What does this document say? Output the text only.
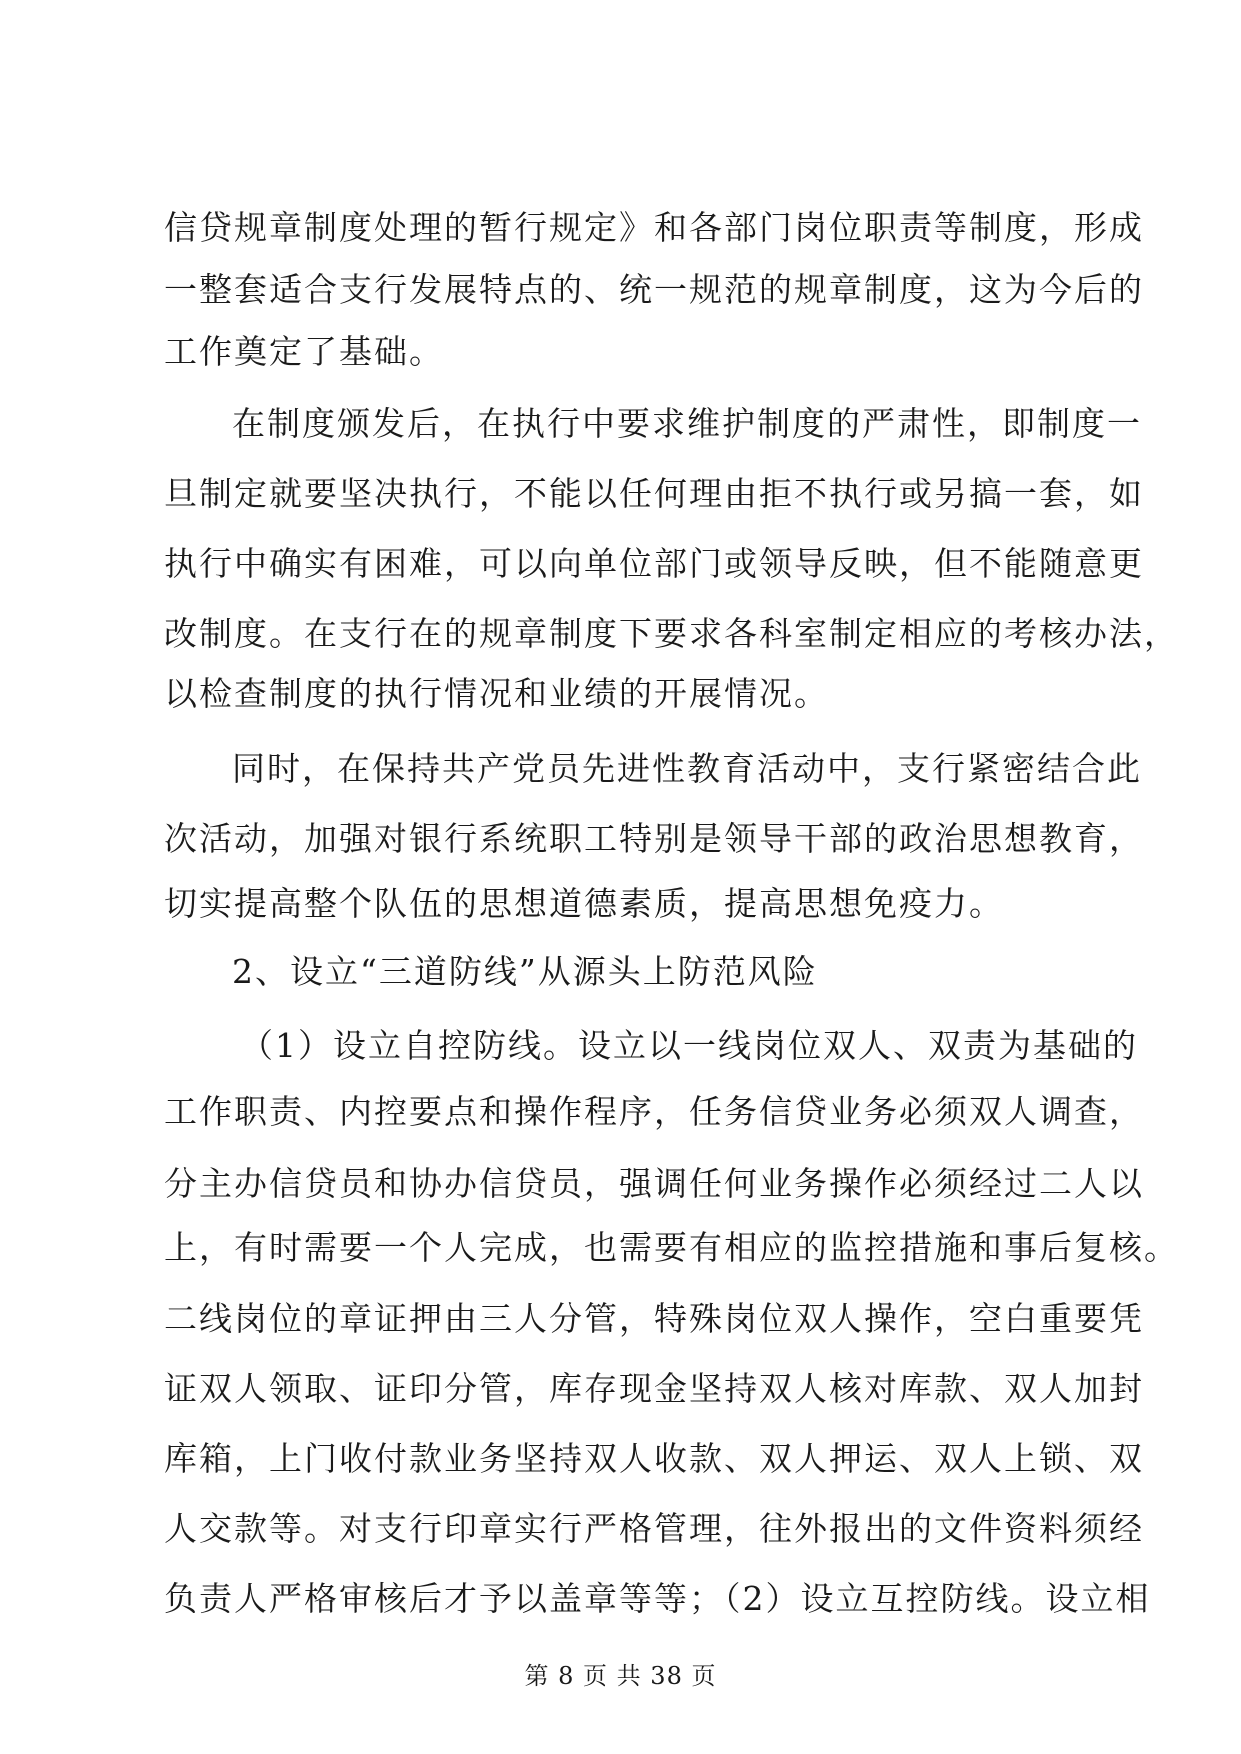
信贷规章制度处理的暂行规定》和各部门岗位职责等制度，形成
一整套适合支行发展特点的、统一规范的规章制度，这为今后的
工作奠定了基础。
在制度颁发后，在执行中要求维护制度的严肃性，即制度一
旦制定就要坚决执行，不能以任何理由拒不执行或另搞一套，如
执行中确实有困难，可以向单位部门或领导反映，但不能随意更
改制度。在支行在的规章制度下要求各科室制定相应的考核办法，
以检查制度的执行情况和业绩的开展情况。
同时，在保持共产党员先进性教育活动中，支行紧密结合此
次活动，加强对银行系统职工特别是领导干部的政治思想教育，
切实提高整个队伍的思想道德素质，提高思想免疫力。
2、设立“三道防线”从源头上防范风险
（1）设立自控防线。设立以一线岗位双人、双责为基础的
工作职责、内控要点和操作程序，任务信贷业务必须双人调查，
分主办信贷员和协办信贷员，强调任何业务操作必须经过二人以
上，有时需要一个人完成，也需要有相应的监控措施和事后复核。
二线岗位的章证押由三人分管，特殊岗位双人操作，空白重要凭
证双人领取、证印分管，库存现金坚持双人核对库款、双人加封
库箱，上门收付款业务坚持双人收款、双人押运、双人上锁、双
人交款等。对支行印章实行严格管理，往外报出的文件资料须经
负责人严格审核后才予以盖章等等；（2）设立互控防线。设立相
第 8 页 共 38 页
